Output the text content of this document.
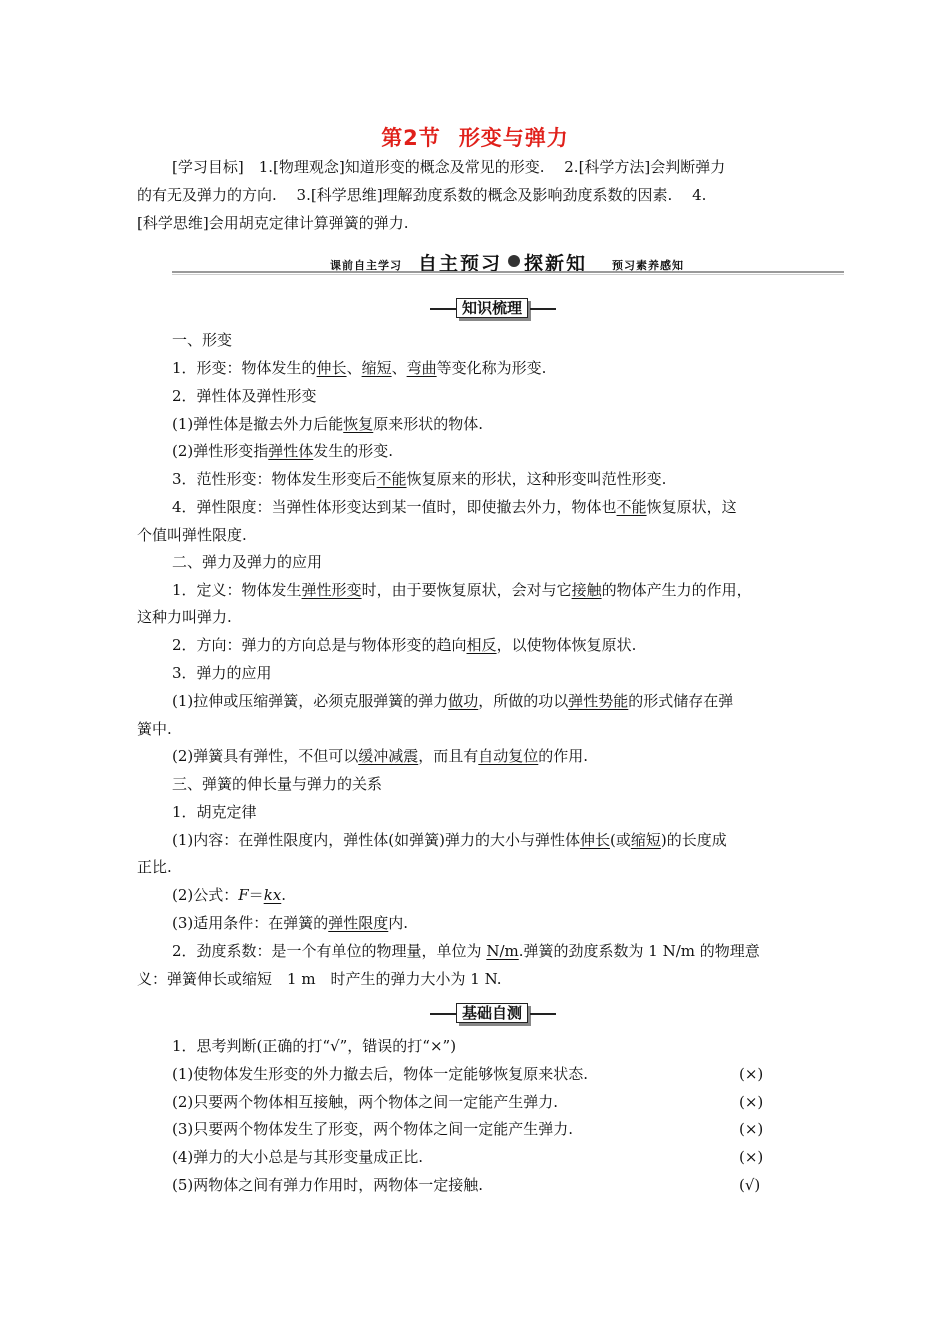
第2节 形变与弹力
[学习目标]　1.[物理观念]知道形变的概念及常见的形变.　 2.[科学方法]会判断弹力
的有无及弹力的方向.　 3.[科学思维]理解劲度系数的概念及影响劲度系数的因素.　 4.
[科学思维]会用胡克定律计算弹簧的弹力.
课前自主学习 自主预习 探新知 预习素养感知
知识梳理
一、形变
1．形变：物体发生的伸长、缩短、弯曲等变化称为形变.
2．弹性体及弹性形变
(1)弹性体是撤去外力后能恢复原来形状的物体.
(2)弹性形变指弹性体发生的形变.
3．范性形变：物体发生形变后不能恢复原来的形状，这种形变叫范性形变.
4．弹性限度：当弹性体形变达到某一值时，即使撤去外力，物体也不能恢复原状，这
个值叫弹性限度.
二、弹力及弹力的应用
1．定义：物体发生弹性形变时，由于要恢复原状，会对与它接触的物体产生力的作用，
这种力叫弹力.
2．方向：弹力的方向总是与物体形变的趋向相反，以使物体恢复原状.
3．弹力的应用
(1)拉伸或压缩弹簧，必须克服弹簧的弹力做功，所做的功以弹性势能的形式储存在弹
簧中.
(2)弹簧具有弹性，不但可以缓冲减震，而且有自动复位的作用.
三、弹簧的伸长量与弹力的关系
1．胡克定律
(1)内容：在弹性限度内，弹性体(如弹簧)弹力的大小与弹性体伸长(或缩短)的长度成
正比.
(2)公式：F＝kx.
(3)适用条件：在弹簧的弹性限度内.
2．劲度系数：是一个有单位的物理量，单位为 N/m.弹簧的劲度系数为 1 N/m 的物理意
义：弹簧伸长或缩短　1 m　时产生的弹力大小为 1 N.
基础自测
1．思考判断(正确的打“√”，错误的打“×”)
(1)使物体发生形变的外力撤去后，物体一定能够恢复原来状态.	(×)
(2)只要两个物体相互接触，两个物体之间一定能产生弹力.	(×)
(3)只要两个物体发生了形变，两个物体之间一定能产生弹力.	(×)
(4)弹力的大小总是与其形变量成正比.	(×)
(5)两物体之间有弹力作用时，两物体一定接触.	(√)
